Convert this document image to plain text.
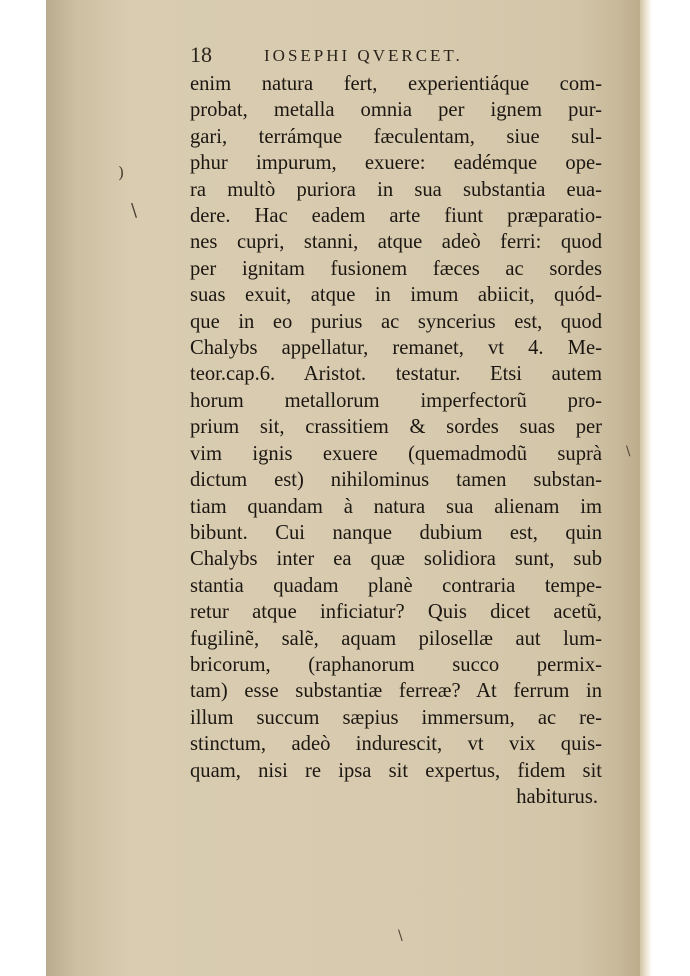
)
\
\
\
18	IOSEPHI QVERCET.
enim natura fert, experientiáque com-
probat, metalla omnia per ignem pur-
gari, terrámque fæculentam, siue sul-
phur impurum, exuere: eadémque ope-
ra multò puriora in sua substantia eua-
dere. Hac eadem arte fiunt præparatio-
nes cupri, stanni, atque adeò ferri: quod
per ignitam fusionem fæces ac sordes
suas exuit, atque in imum abiicit, quód-
que in eo purius ac syncerius est, quod
Chalybs appellatur, remanet, vt 4. Me-
teor.cap.6. Aristot. testatur. Etsi autem
horum metallorum imperfectorũ pro-
prium sit, crassitiem & sordes suas per
vim ignis exuere (quemadmodũ suprà
dictum est) nihilominus tamen substan-
tiam quandam à natura sua alienam im
bibunt. Cui nanque dubium est, quin
Chalybs inter ea quæ solidiora sunt, sub
stantia quadam planè contraria tempe-
retur atque inficiatur? Quis dicet acetũ,
fugilinẽ, salẽ, aquam pilosellæ aut lum-
bricorum, (raphanorum succo permix-
tam) esse substantiæ ferreæ? At ferrum in
illum succum sæpius immersum, ac re-
stinctum, adeò indurescit, vt vix quis-
quam, nisi re ipsa sit expertus, fidem sit
habiturus.
